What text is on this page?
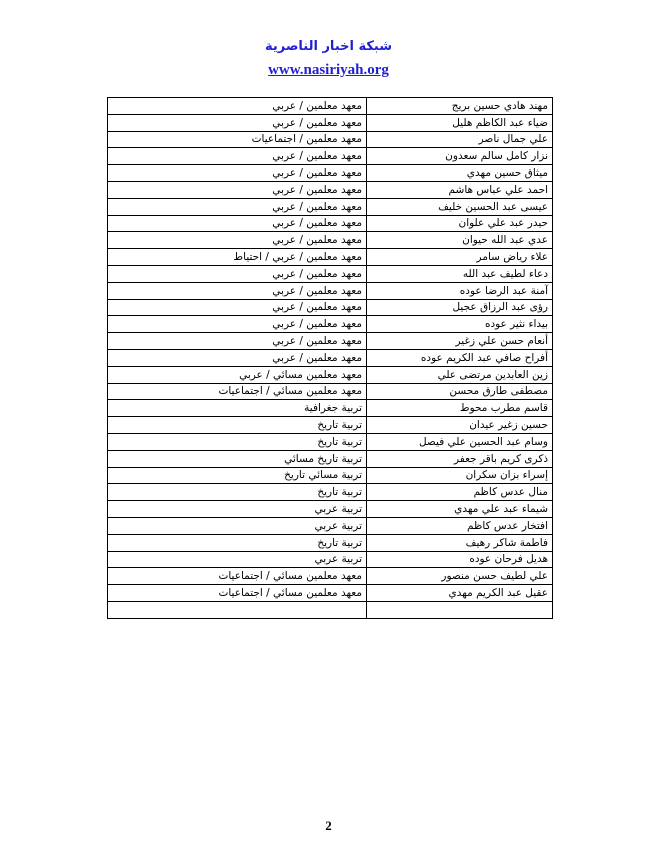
شبكة اخبار الناصرية
www.nasiriyah.org
مهند هادي حسين بريج	معهد معلمين / عربي
ضياء عبد الكاظم هليل	معهد معلمين / عربي
علي جمال ناصر	معهد معلمين / اجتماعيات
نزار كامل سالم سعدون	معهد معلمين / عربي
ميثاق حسين مهدي	معهد معلمين / عربي
احمد علي عباس هاشم	معهد معلمين / عربي
عيسى عبد الحسين خليف	معهد معلمين / عربي
حيدر عبد علي علوان	معهد معلمين / عربي
عدي عبد الله حيوان	معهد معلمين / عربي
علاء رياض سامر	معهد معلمين / عربي / احتياط
دعاء لطيف عبد الله	معهد معلمين / عربي
آمنة عبد الرضا عوده	معهد معلمين / عربي
رؤى عبد الرزاق عجيل	معهد معلمين / عربي
بيداء نثير عوده	معهد معلمين / عربي
أنعام حسن علي زغير	معهد معلمين / عربي
أفراح صافي عبد الكريم عوده	معهد معلمين / عربي
زين العابدين مرتضى علي	معهد معلمين مسائي / عربي
مصطفى طارق محسن	معهد معلمين مسائي / اجتماعيات
قاسم مطرب محوط	تربية جغرافية
حسين زغير عيدان	تربية تاريخ
وسام عبد الحسين علي فيصل	تربية تاريخ
ذكرى كريم باقر جعفر	تربية تاريخ مسائي
إسراء بزان سكران	تربية مسائي تاريخ
منال عدس كاظم	تربية تاريخ
شيماء عبد علي مهدي	تربية عربي
افتخار عدس كاظم	تربية عربي
فاطمة شاكر رهيف	تربية تاريخ
هديل فرحان عوده	تربية عربي
علي لطيف حسن منصور	معهد معلمين مسائي / اجتماعيات
عقيل عبد الكريم مهدي	معهد معلمين مسائي / اجتماعيات

2
